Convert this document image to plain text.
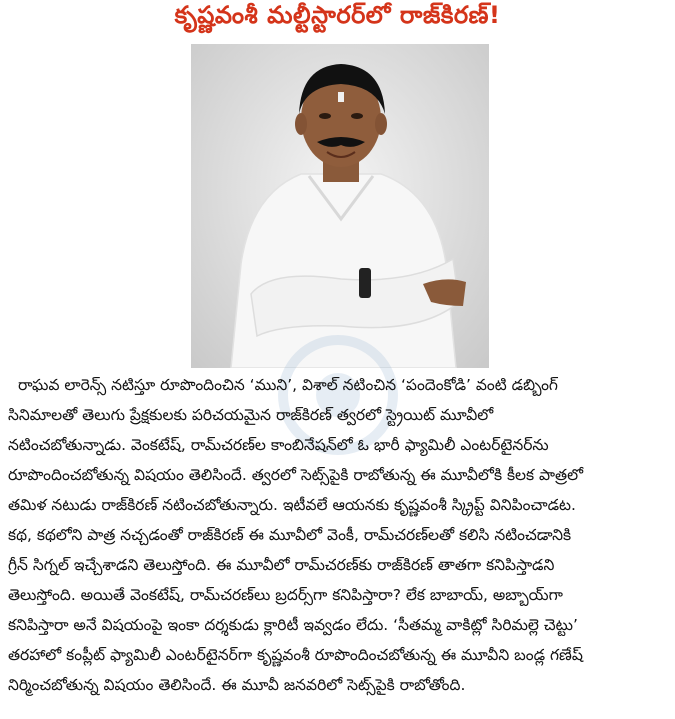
కృష్ణవంశీ మల్టీస్టారర్‌లో రాజ్‌కిరణ్!
రాఘవ లారెన్స్ నటిస్తూ రూపొందించిన ‘ముని’, విశాల్ నటించిన ‘పందెంకోడి’ వంటి డబ్బింగ్
సినిమాలతో తెలుగు ప్రేక్షకులకు పరిచయమైన రాజ్‌కిరణ్ త్వరలో స్ట్రెయిట్ మూవీలో
నటించబోతున్నాడు. వెంకటేష్, రామ్‌చరణ్‌ల కాంబినేషన్‌లో ఓ భారీ ఫ్యామిలీ ఎంటర్‌టైనర్‌ను
రూపొందించబోతున్న విషయం తెలిసిందే. త్వరలో సెట్స్‌పైకి రాబోతున్న ఈ మూవీలోకి కీలక పాత్రలో
తమిళ నటుడు రాజ్‌కిరణ్ నటించబోతున్నారు. ఇటీవలే ఆయనకు కృష్ణవంశీ స్క్రిప్ట్ వినిపించాడట.
కథ, కథలోని పాత్ర నచ్చడంతో రాజ్‌కిరణ్ ఈ మూవీలో వెంకీ, రామ్‌చరణ్‌లతో కలిసి నటించడానికి
గ్రీన్ సిగ్నల్ ఇచ్చేశాడని తెలుస్తోంది. ఈ మూవీలో రామ్‌చరణ్‌కు రాజ్‌కిరణ్ తాతగా కనిపిస్తాడని
తెలుస్తోంది. అయితే వెంకటేష్, రామ్‌చరణ్‌లు బ్రదర్స్‌గా కనిపిస్తారా? లేక బాబాయ్, అబ్బాయ్‌గా
కనిపిస్తారా అనే విషయంపై ఇంకా దర్శకుడు క్లారిటీ ఇవ్వడం లేదు. ‘సీతమ్మ వాకిట్లో సిరిమల్లె చెట్టు’
తరహాలో కంప్లీట్ ఫ్యామిలీ ఎంటర్‌టైనర్‌గా కృష్ణవంశీ రూపొందించబోతున్న ఈ మూవీని బండ్ల గణేష్
నిర్మించబోతున్న విషయం తెలిసిందే. ఈ మూవీ జనవరిలో సెట్స్‌పైకి రాబోతోంది.
